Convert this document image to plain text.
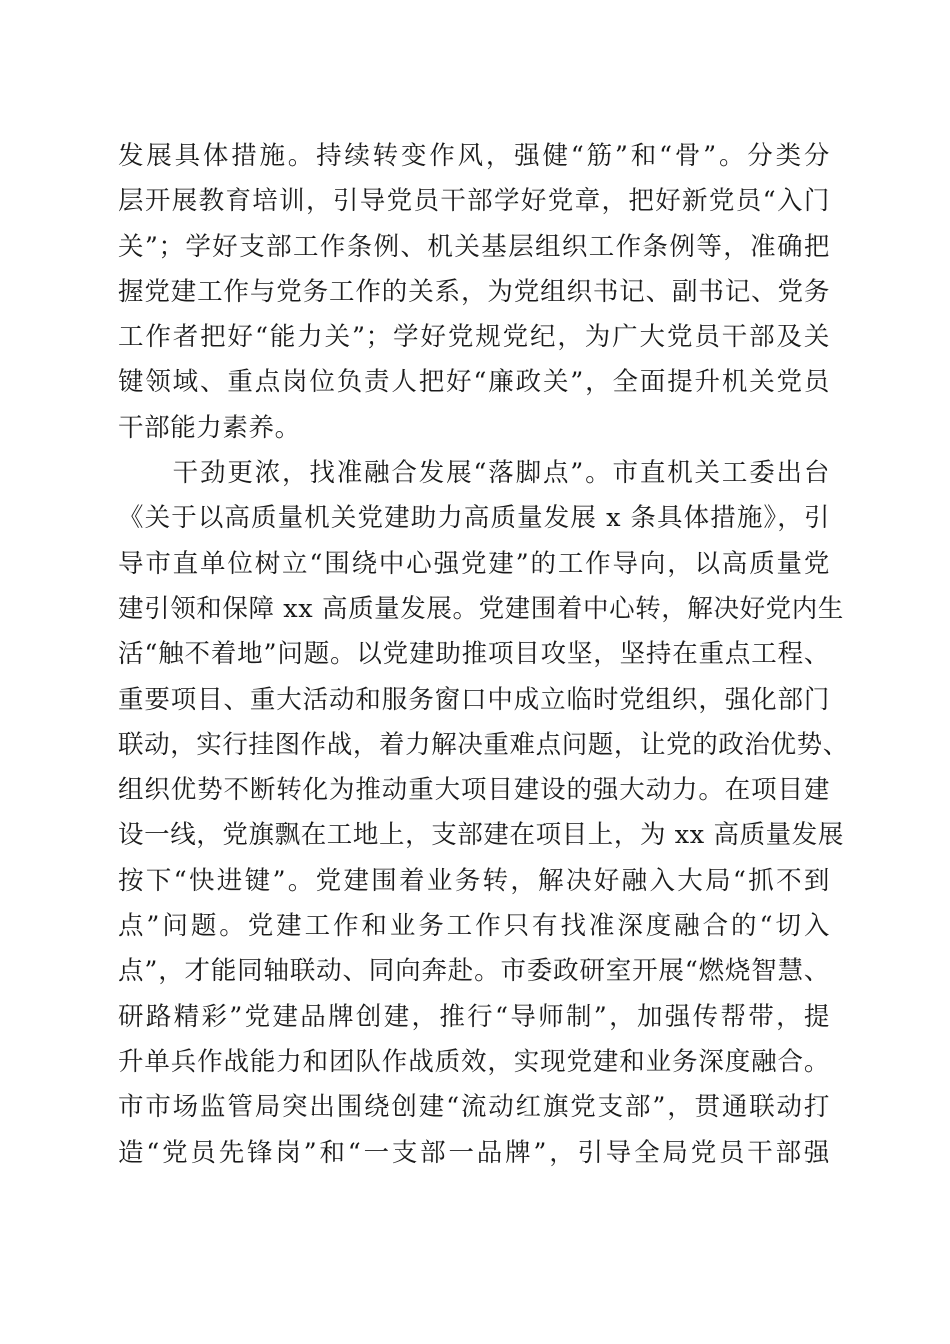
发展具体措施。持续转变作风，强健“筋”和“骨”。分类分
层开展教育培训，引导党员干部学好党章，把好新党员“入门
关”；学好支部工作条例、机关基层组织工作条例等，准确把
握党建工作与党务工作的关系，为党组织书记、副书记、党务
工作者把好“能力关”；学好党规党纪，为广大党员干部及关
键领域、重点岗位负责人把好“廉政关”，全面提升机关党员
干部能力素养。
　　干劲更浓，找准融合发展“落脚点”。市直机关工委出台
《关于以高质量机关党建助力高质量发展 x 条具体措施》，引
导市直单位树立“围绕中心强党建”的工作导向，以高质量党
建引领和保障 xx 高质量发展。党建围着中心转，解决好党内生
活“触不着地”问题。以党建助推项目攻坚，坚持在重点工程、
重要项目、重大活动和服务窗口中成立临时党组织，强化部门
联动，实行挂图作战，着力解决重难点问题，让党的政治优势、
组织优势不断转化为推动重大项目建设的强大动力。在项目建
设一线，党旗飘在工地上，支部建在项目上，为 xx 高质量发展
按下“快进键”。党建围着业务转，解决好融入大局“抓不到
点”问题。党建工作和业务工作只有找准深度融合的“切入
点”，才能同轴联动、同向奔赴。市委政研室开展“燃烧智慧、
研路精彩”党建品牌创建，推行“导师制”，加强传帮带，提
升单兵作战能力和团队作战质效，实现党建和业务深度融合。
市市场监管局突出围绕创建“流动红旗党支部”，贯通联动打
造“党员先锋岗”和“一支部一品牌”，引导全局党员干部强
